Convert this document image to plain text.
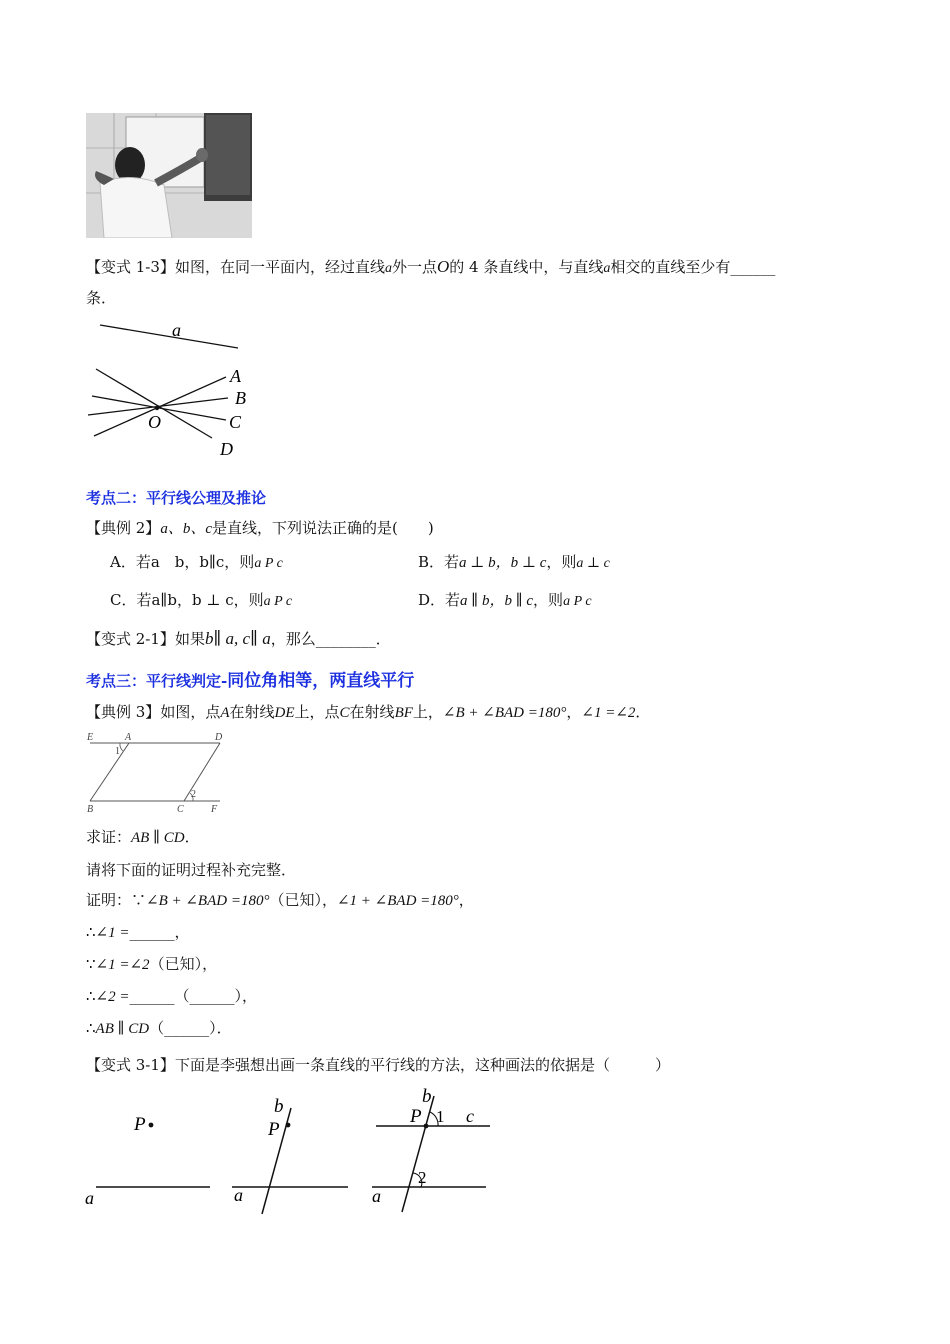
【变式 1-3】如图，在同一平面内，经过直线a外一点O的 4 条直线中，与直线a相交的直线至少有______
条．
a
A
B
C
D
O
考点二：平行线公理及推论
【典例 2】a、b、c是直线，下列说法正确的是(　　)
A．若a　b，b∥c，则a P c	B．若a ⊥ b，b ⊥ c，则a ⊥ c
C．若a∥b，b ⊥ c，则a P c	D．若a ∥ b，b ∥ c，则a P c
【变式 2-1】如果b∥ a, c∥ a，那么________．
考点三：平行线判定-同位角相等，两直线平行
【典例 3】如图，点A在射线DE上，点C在射线BF上，∠B + ∠BAD =180°，∠1 =∠2．
E	A	D
1
B	C	F
2
求证：AB ∥ CD．
请将下面的证明过程补充完整．
证明：∵∠B + ∠BAD =180°（已知），∠1 + ∠BAD =180°，
∴∠1 =______，
∵∠1 =∠2（已知），
∴∠2 =______（______），
∴AB ∥ CD（______）．
【变式 3-1】下面是李强想出画一条直线的平行线的方法，这种画法的依据是（　　　）
P
a
b
P
a
b
P 1 c
2
a
